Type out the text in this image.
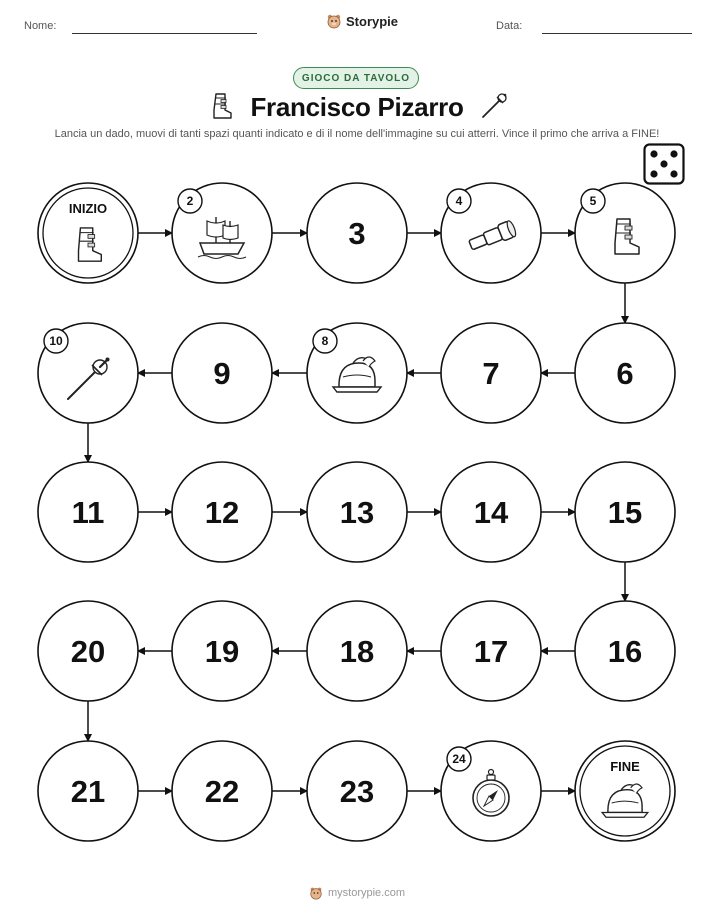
Nome:	Storypie	Data:
GIOCO DA TAVOLO
Francisco Pizarro
Lancia un dado, muovi di tanti spazi quanti indicato e di il nome dell'immagine su cui atterri. Vince il primo che arriva a FINE!
INIZIO	2
3
4	5
6
7
8
9
10
11	12	13	14	15
16
17
18
19
20
21	22	23
24	FINE
mystorypie.com
